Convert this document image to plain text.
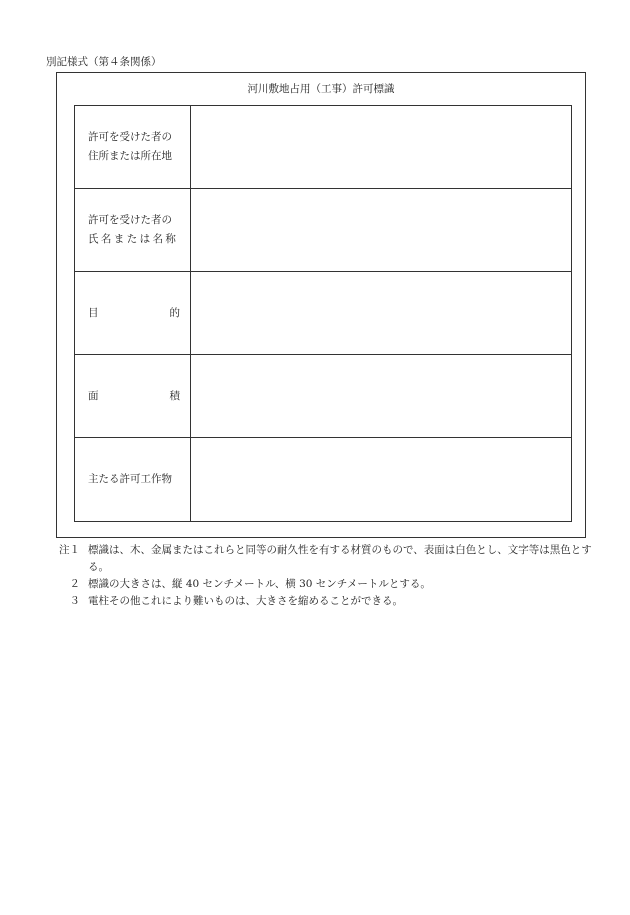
別記様式（第４条関係）
河川敷地占用（工事）許可標識
許可を受けた者の
住所または所在地	

許可を受けた者の
氏名または名称	

目 的	

面 積	

主たる許可工作物	

注１ 標識は、木、金属またはこれらと同等の耐久性を有する材質のもので、表面は白色とし、文字等は黒色とする。
２ 標識の大きさは、縦 40 センチメートル、横 30 センチメートルとする。
３ 電柱その他これにより難いものは、大きさを縮めることができる。
